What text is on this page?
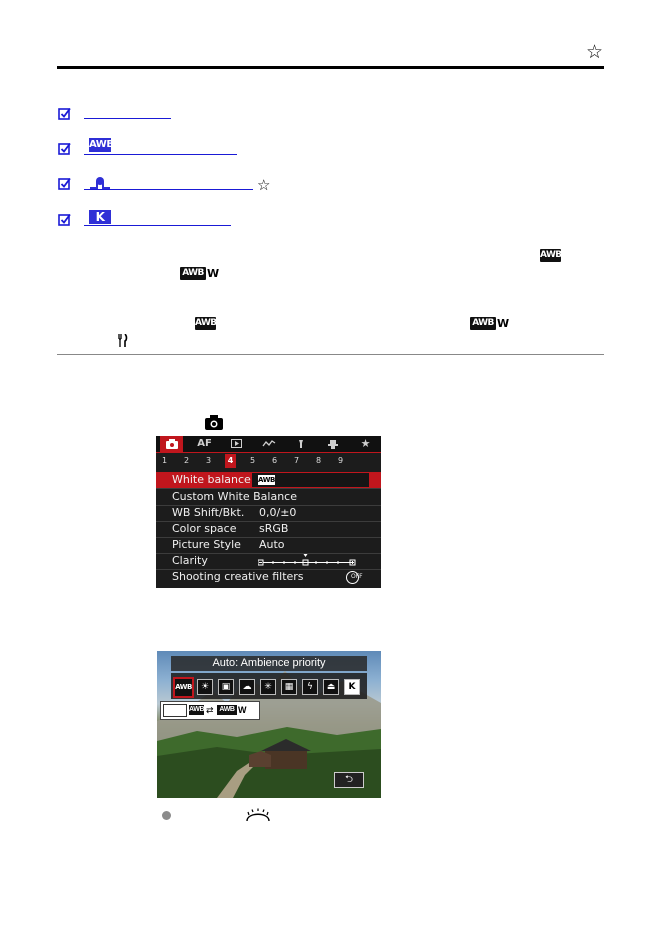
☆
AWB
☆
K
AWB
AWB W
AWB	AWB W
AF	★
1	2	3	4	5	6	7	8	9
White balance AWB
Custom White Balance
WB Shift/Bkt. 0,0/±0
Color space sRGB
Picture Style Auto
Clarity
Shooting creative filters	OFF
Auto: Ambience priority
AWB	☀	▣	☁	✳	▦	ϟ	⏏	K
AWB ⇄ AWB W
⮌
